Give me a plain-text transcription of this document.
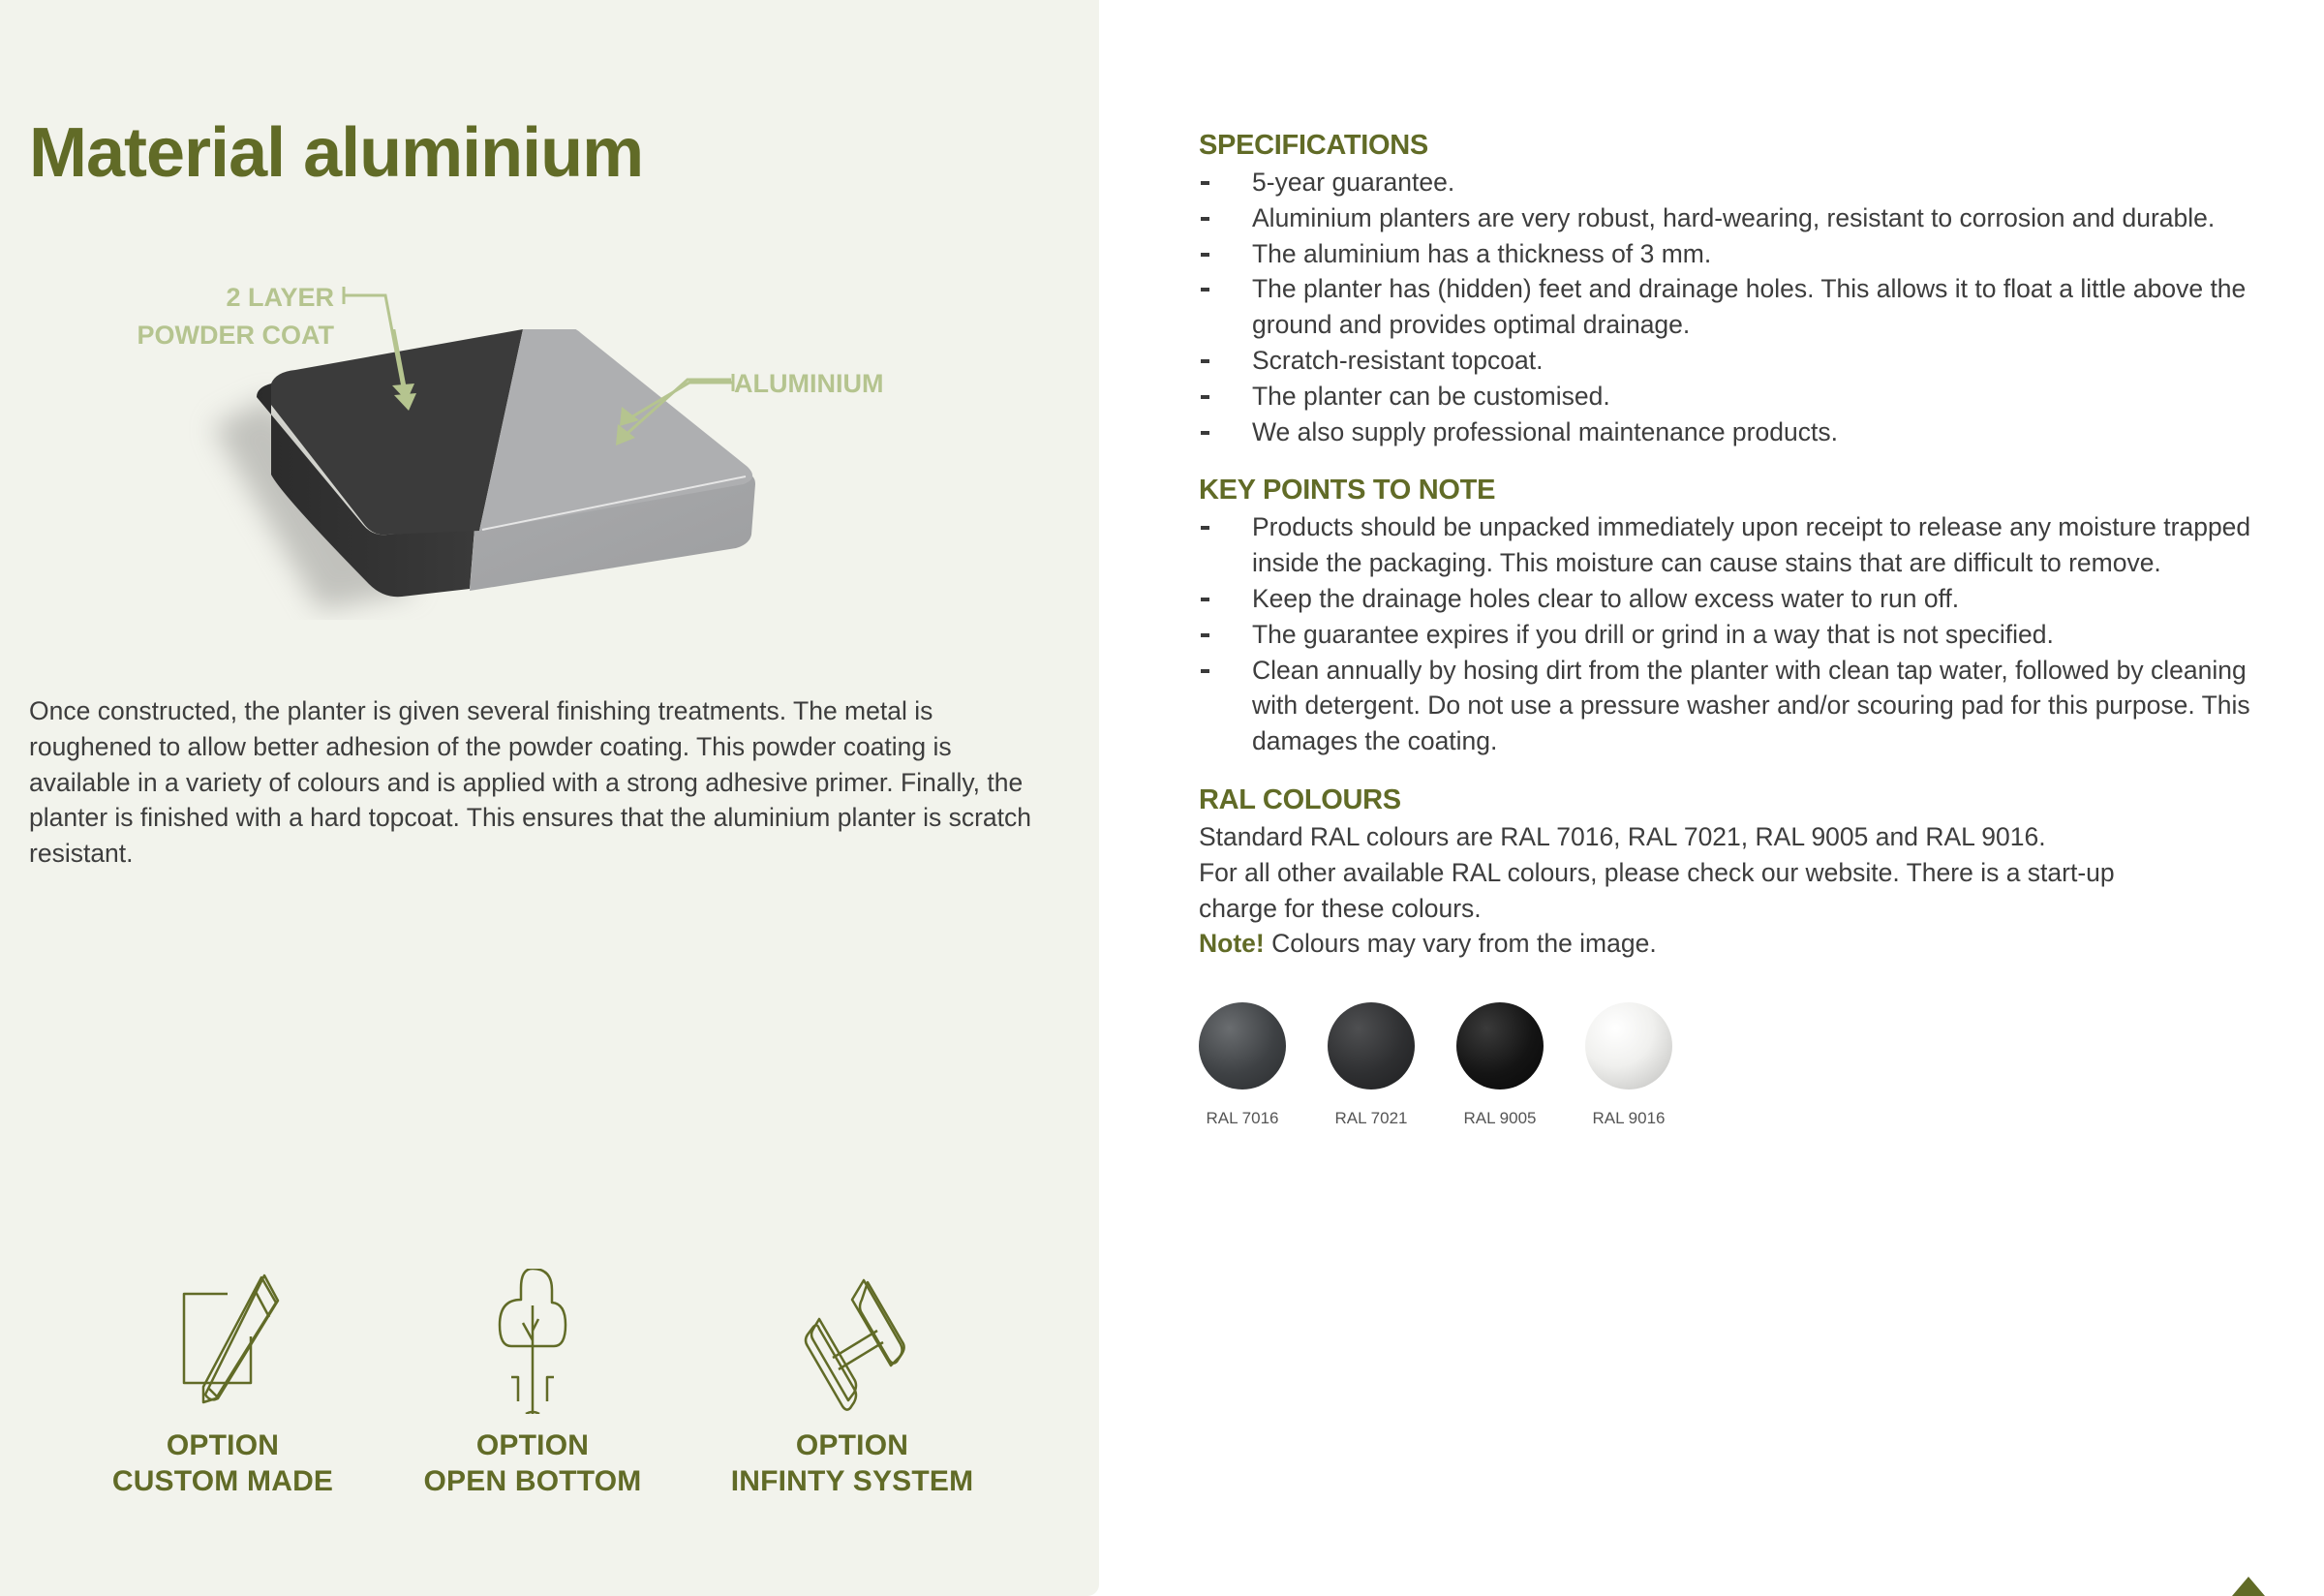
Material aluminium
2 LAYER
POWDER COAT
ALUMINIUM

Once constructed, the planter is given several finishing treatments. The metal is roughened to allow better adhesion of the powder coating. This powder coating is available in a variety of colours and is applied with a strong adhesive primer. Finally, the planter is finished with a hard topcoat. This ensures that the aluminium planter is scratch resistant.

OPTION
CUSTOM MADE
OPTION
OPEN BOTTOM
OPTION
INFINTY SYSTEM
SPECIFICATIONS
5-year guarantee.
Aluminium planters are very robust, hard-wearing, resistant to corrosion and durable.
The aluminium has a thickness of 3 mm.
The planter has (hidden) feet and drainage holes. This allows it to float a little above the ground and provides optimal drainage.
Scratch-resistant topcoat.
The planter can be customised.
We also supply professional maintenance products.
KEY POINTS TO NOTE
Products should be unpacked immediately upon receipt to release any moisture trapped inside the packaging. This moisture can cause stains that are difficult to remove.
Keep the drainage holes clear to allow excess water to run off.
The guarantee expires if you drill or grind in a way that is not specified.
Clean annually by hosing dirt from the planter with clean tap water, followed by cleaning with detergent. Do not use a pressure washer and/or scouring pad for this purpose. This damages the coating.
RAL COLOURS

Standard RAL colours are RAL 7016, RAL 7021, RAL 9005 and RAL 9016.

For all other available RAL colours, please check our website. There is a start-up charge for these colours.

Note! Colours may vary from the image.

RAL 7016	RAL 7021	RAL 9005	RAL 9016
